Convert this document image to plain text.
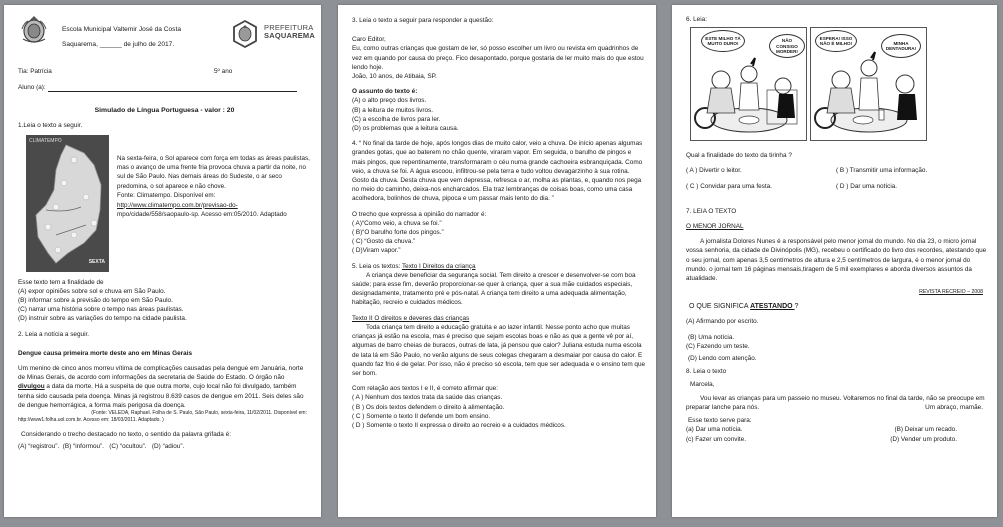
Escola Municipal Valtemir José da Costa
Saquarema, ______ de julho de 2017.
PREFEITURA
SAQUAREMA
Tia: Patrícia	5º ano
Aluno (a):
Simulado de Língua Portuguesa - valor : 20
1.Leia o texto a seguir.
CLIMATEMPO
SEXTA
Na sexta-feira, o Sol aparece com força em todas as áreas paulistas, mas o avanço de uma frente fria provoca chuva a partir da noite, no sul de São Paulo. Nas demais áreas do Sudeste, o ar seco predomina, o sol aparece e não chove.
Fonte: Climatempo. Disponível em:
http://www.climatempo.com.br/previsao-do-
mpo/cidade/558/saopaulo-sp. Acesso em:05/2010. Adaptado
Esse texto tem a finalidade de
(A) expor opiniões sobre sol e chuva em São Paulo.
(B) informar sobre a previsão do tempo em São Paulo.
(C) narrar uma história sobre o tempo nas áreas paulistas.
(D) instruir sobre as variações do tempo na cidade paulista.
2. Leia a notícia a seguir.
Dengue causa primeira morte deste ano em Minas Gerais
Um menino de cinco anos morreu vítima de complicações causadas pela dengue em Januária, norte de Minas Gerais, de acordo com informações da secretaria de Saúde do Estado. O órgão não divulgou a data da morte. Há a suspeita de que outra morte, cujo local não foi divulgado, também tenha sido causada pela doença. Minas já registrou 8.639 casos de dengue em 2011. Seis deles são de dengue hemorrágica, a forma mais perigosa da doença.
(Fonte: VELEDA, Raphael. Folha de S. Paulo, São Paulo, sexta-feira, 11/02/2011. Disponível em:
http://www1.folha.uol.com.br. Acesso em: 18/03/2011. Adaptado. )
Considerando o trecho destacado no texto, o sentido da palavra grifada é:
(A) “registrou”. (B) “informou”. (C) “ocultou”. (D) “adiou”.
3. Leia o texto a seguir para responder a questão:
Caro Editor,
Eu, como outras crianças que gostam de ler, só posso escolher um livro ou revista em quadrinhos de vez em quando por causa do preço. Fico desapontado, porque gostaria de ler muito mais do que estou lendo hoje.
João, 10 anos, de Atibaia, SP.
O assunto do texto é:
(A) o alto preço dos livros.
(B) a leitura de muitos livros.
(C) a escolha de livros para ler.
(D) os problemas que a leitura causa.
4. “ No final da tarde de hoje, após longos dias de muito calor, veio a chuva. De início apenas algumas grandes gotas, que ao baterem no chão quente, viraram vapor. Em seguida, o barulho de pingos e mais pingos, que repentinamente, transformaram o céu numa grande cachoeira esbranquiçada. Como veio, a chuva se foi. A água escoou, infiltrou-se pela terra e tudo voltou devagarzinho à sua rotina. Gosto da chuva. Desta chuva que vem depressa, refresca o ar, molha as plantas, e, quando nos pega no meio do caminho, deixa-nos encharcados. Ela traz lembranças de coisas boas, como uma casa acolhedora, bolinhos de chuva, pipoca e um passar mais lento do dia. ”
O trecho que expressa a opinião do narrador é:
( A)“Como veio, a chuva se foi.”
( B)“O barulho forte dos pingos.”
( C) “Gosto da chuva.”
( D)Viram vapor.”
5. Leia os textos: Texto I Direitos da criança
A criança deve beneficiar da segurança social. Tem direito a crescer e desenvolver-se com boa saúde; para esse fim, deverão proporcionar-se quer à criança, quer a sua mãe cuidados especiais, designadamente, tratamento pré e pós-natal. A criança tem direito a uma adequada alimentação, habitação, recreio e cuidados médicos.
Texto II O direitos e deveres das crianças
Toda criança tem direito a educação gratuita e ao lazer infantil. Nesse ponto acho que muitas crianças já estão na escola, mas é preciso que sejam escolas boas e não as que a gente vê por aí, algumas de barro cheias de buracos, outras de lata, já pensou que calor? Juliana estuda numa escola de lata lá em São Paulo, no verão alguns de seus colegas chegaram a desmaiar por causa do calor. E quando faz frio é de gelar. Por isso, não é preciso só escola, tem que ser adequada e o ensino tem que ser bom.
Com relação aos textos I e II, é correto afirmar que:
( A ) Nenhum dos textos trata da saúde das crianças.
( B ) Os dois textos defendem o direito à alimentação.
( C ) Somente o texto II defende um bom ensino.
( D ) Somente o texto II expressa o direito ao recreio e a cuidados médicos.
6. Leia:
ESTE MILHO TÁ MUITO DURO!
NÃO CONSIGO MORDER!
ESPERA! ISSO NÃO É MILHO!	MINHA DENTADURA!
Qual a finalidade do texto da tirinha ?
( A ) Divertir o leitor.	( B ) Transmitir uma informação.
( C ) Convidar para uma festa.	( D ) Dar uma notícia.
7. LEIA O TEXTO
O MENOR JORNAL
A jornalista Dolores Nunes é a responsável pelo menor jornal do mundo. No dia 23, o micro jornal vossa senhoria, da cidade de Divinópolis (MG), recebeu o certificado do livro dos recordes, atestando que o seu jornal, com apenas 3,5 centímetros de altura e 2,5 centímetros de largura, é o menor jornal do mundo. o jornal tem 16 páginas mensais,tiragem de 5 mil exemplares e aborda diversos assuntos da atualidade.
REVISTA RECREIO – 2008
O QUE SIGNIFICA ATESTANDO ?
(A) Afirmando por escrito.
(B) Uma notícia.
(C) Fazendo um teste.
(D) Lendo com atenção.
8. Leia o texto
Marcela,
Vou levar as crianças para um passeio no museu. Voltaremos no final da tarde, não se preocupe em preparar lanche para nós.	Um abraço, mamãe.
Esse texto serve para:
(a) Dar uma notícia.	(B) Deixar um recado.
(c) Fazer um convite.	(D) Vender um produto.
